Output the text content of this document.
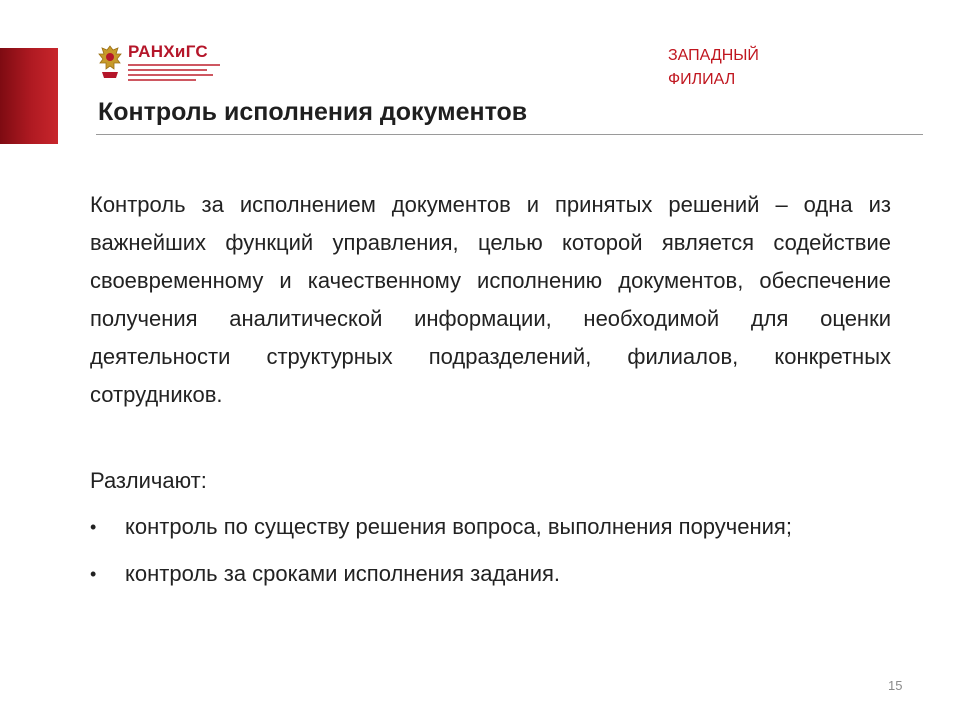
РАНХиГС	ЗАПАДНЫЙ
ФИЛИАЛ
Контроль исполнения документов

Контроль за исполнением документов и принятых решений – одна из важнейших функций управления, целью которой является содействие своевременному и качественному исполнению документов, обеспечение получения аналитической информации, необходимой для оценки деятельности структурных подразделений, филиалов, конкретных сотрудников.

Различают:

• контроль по существу решения вопроса, выполнения поручения;
• контроль за сроками исполнения задания.
15
